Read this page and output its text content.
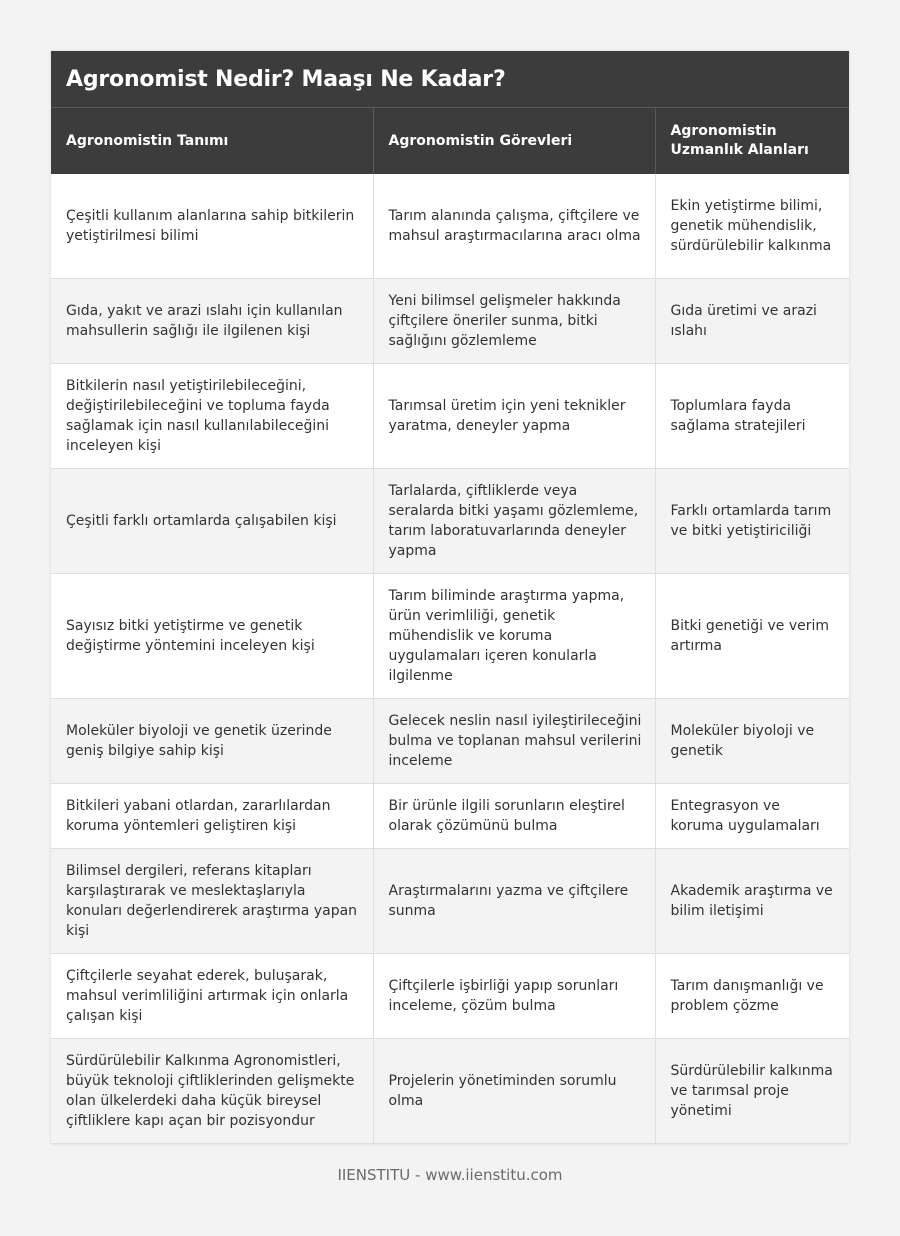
Agronomist Nedir? Maaşı Ne Kadar?
Agronomistin Tanımı	Agronomistin Görevleri	Agronomistin Uzmanlık Alanları
Çeşitli kullanım alanlarına sahip bitkilerin yetiştirilmesi bilimi	Tarım alanında çalışma, çiftçilere ve mahsul araştırmacılarına aracı olma	Ekin yetiştirme bilimi, genetik mühendislik, sürdürülebilir kalkınma
Gıda, yakıt ve arazi ıslahı için kullanılan mahsullerin sağlığı ile ilgilenen kişi	Yeni bilimsel gelişmeler hakkında çiftçilere öneriler sunma, bitki sağlığını gözlemleme	Gıda üretimi ve arazi ıslahı
Bitkilerin nasıl yetiştirilebileceğini, değiştirilebileceğini ve topluma fayda sağlamak için nasıl kullanılabileceğini inceleyen kişi	Tarımsal üretim için yeni teknikler yaratma, deneyler yapma	Toplumlara fayda sağlama stratejileri
Çeşitli farklı ortamlarda çalışabilen kişi	Tarlalarda, çiftliklerde veya seralarda bitki yaşamı gözlemleme, tarım laboratuvarlarında deneyler yapma	Farklı ortamlarda tarım ve bitki yetiştiriciliği
Sayısız bitki yetiştirme ve genetik değiştirme yöntemini inceleyen kişi	Tarım biliminde araştırma yapma, ürün verimliliği, genetik mühendislik ve koruma uygulamaları içeren konularla ilgilenme	Bitki genetiği ve verim artırma
Moleküler biyoloji ve genetik üzerinde geniş bilgiye sahip kişi	Gelecek neslin nasıl iyileştirileceğini bulma ve toplanan mahsul verilerini inceleme	Moleküler biyoloji ve genetik
Bitkileri yabani otlardan, zararlılardan koruma yöntemleri geliştiren kişi	Bir ürünle ilgili sorunların eleştirel olarak çözümünü bulma	Entegrasyon ve koruma uygulamaları
Bilimsel dergileri, referans kitapları karşılaştırarak ve meslektaşlarıyla konuları değerlendirerek araştırma yapan kişi	Araştırmalarını yazma ve çiftçilere sunma	Akademik araştırma ve bilim iletişimi
Çiftçilerle seyahat ederek, buluşarak, mahsul verimliliğini artırmak için onlarla çalışan kişi	Çiftçilerle işbirliği yapıp sorunları inceleme, çözüm bulma	Tarım danışmanlığı ve problem çözme
Sürdürülebilir Kalkınma Agronomistleri, büyük teknoloji çiftliklerinden gelişmekte olan ülkelerdeki daha küçük bireysel çiftliklere kapı açan bir pozisyondur	Projelerin yönetiminden sorumlu olma	Sürdürülebilir kalkınma ve tarımsal proje yönetimi
IIENSTITU - www.iienstitu.com
